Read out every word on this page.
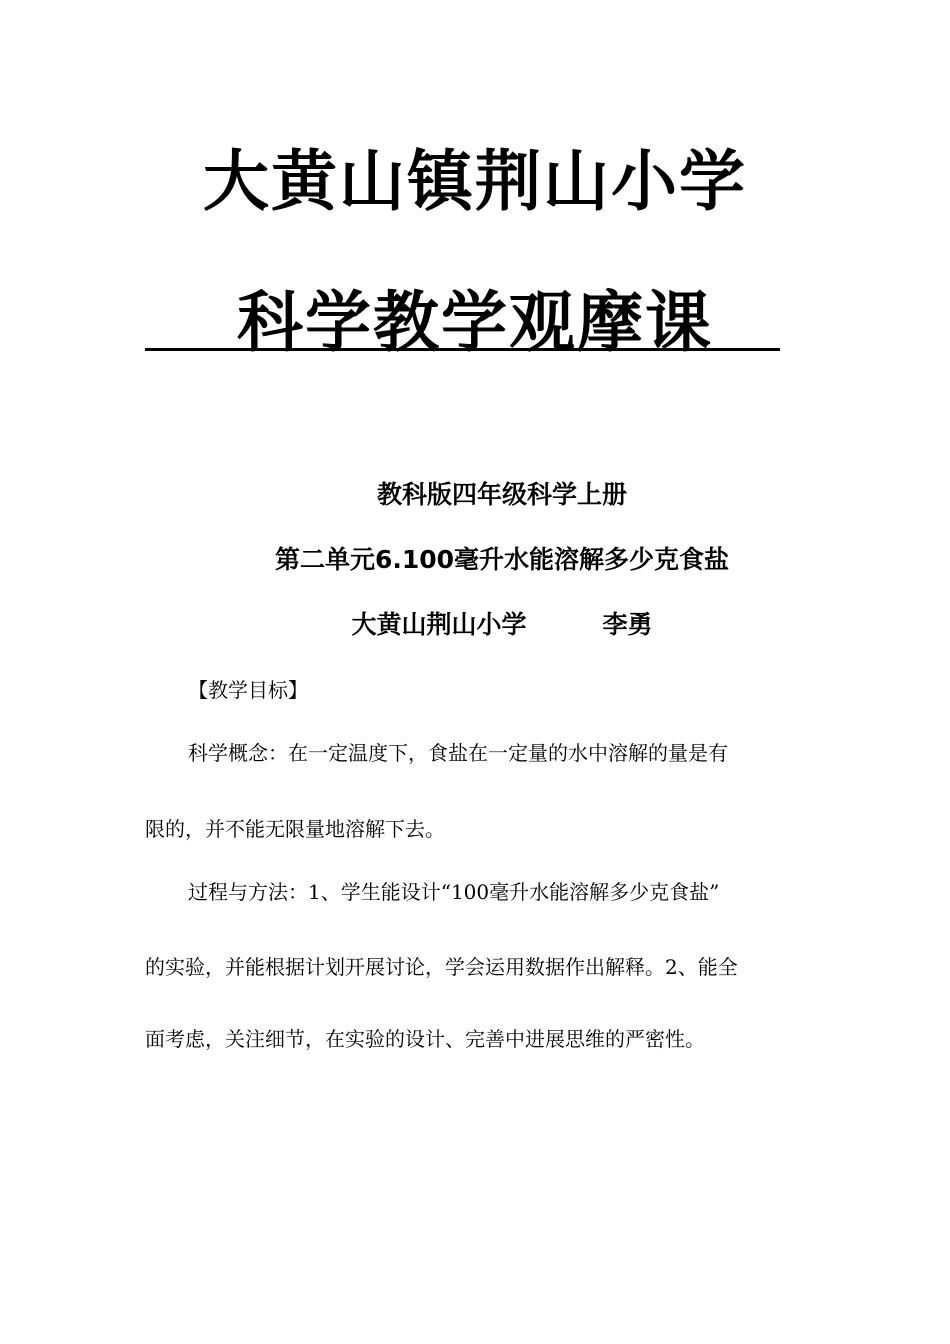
大黄山镇荆山小学
科学教学观摩课
教科版四年级科学上册
第二单元6.100毫升水能溶解多少克食盐
大黄山荆山小学	李勇
【教学目标】
科学概念：在一定温度下，食盐在一定量的水中溶解的量是有
限的，并不能无限量地溶解下去。
过程与方法：1、学生能设计“100毫升水能溶解多少克食盐”
的实验，并能根据计划开展讨论，学会运用数据作出解释。2、能全
面考虑，关注细节，在实验的设计、完善中进展思维的严密性。
